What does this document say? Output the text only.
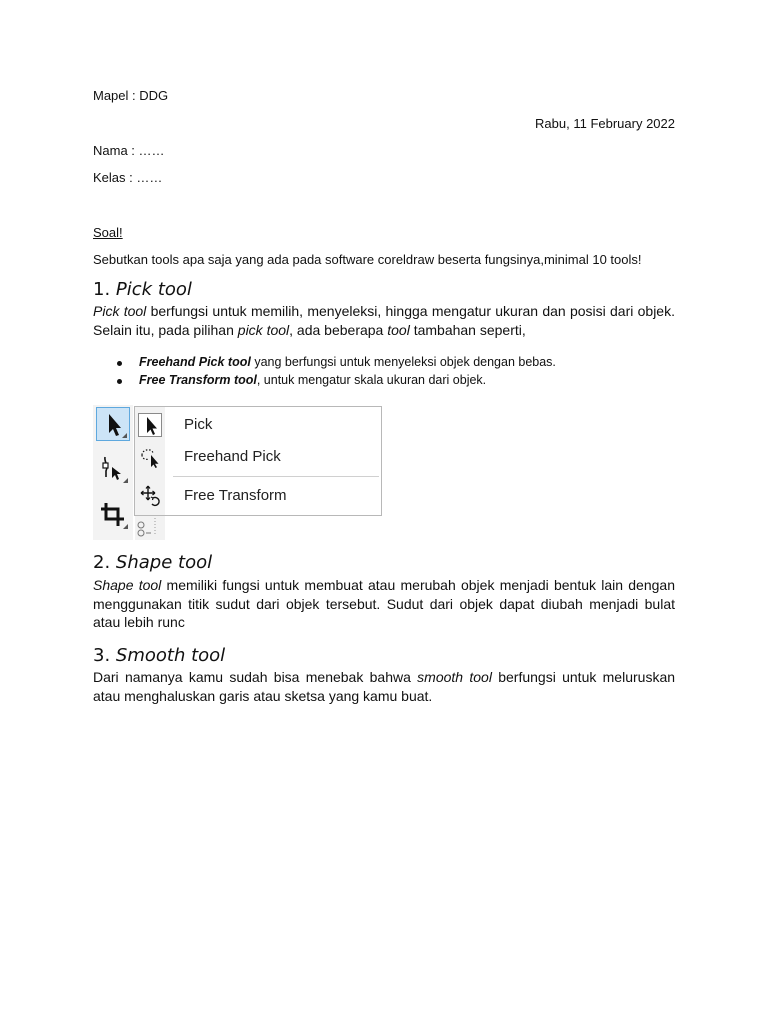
Mapel : DDG
Rabu, 11 February 2022
Nama : ……
Kelas : ……
Soal!
Sebutkan tools apa saja yang ada pada software coreldraw beserta fungsinya,minimal 10 tools!
1. Pick tool
Pick tool berfungsi untuk memilih, menyeleksi, hingga mengatur ukuran dan posisi dari objek. Selain itu, pada pilihan pick tool, ada beberapa tool tambahan seperti,
Freehand Pick tool yang berfungsi untuk menyeleksi objek dengan bebas.
Free Transform tool, untuk mengatur skala ukuran dari objek.
2. Shape tool
Shape tool memiliki fungsi untuk membuat atau merubah objek menjadi bentuk lain dengan menggunakan titik sudut dari objek tersebut. Sudut dari objek dapat diubah menjadi bulat atau lebih runc
3. Smooth tool
Dari namanya kamu sudah bisa menebak bahwa smooth tool berfungsi untuk meluruskan atau menghaluskan garis atau sketsa yang kamu buat.
Pick
Freehand Pick
Free Transform
